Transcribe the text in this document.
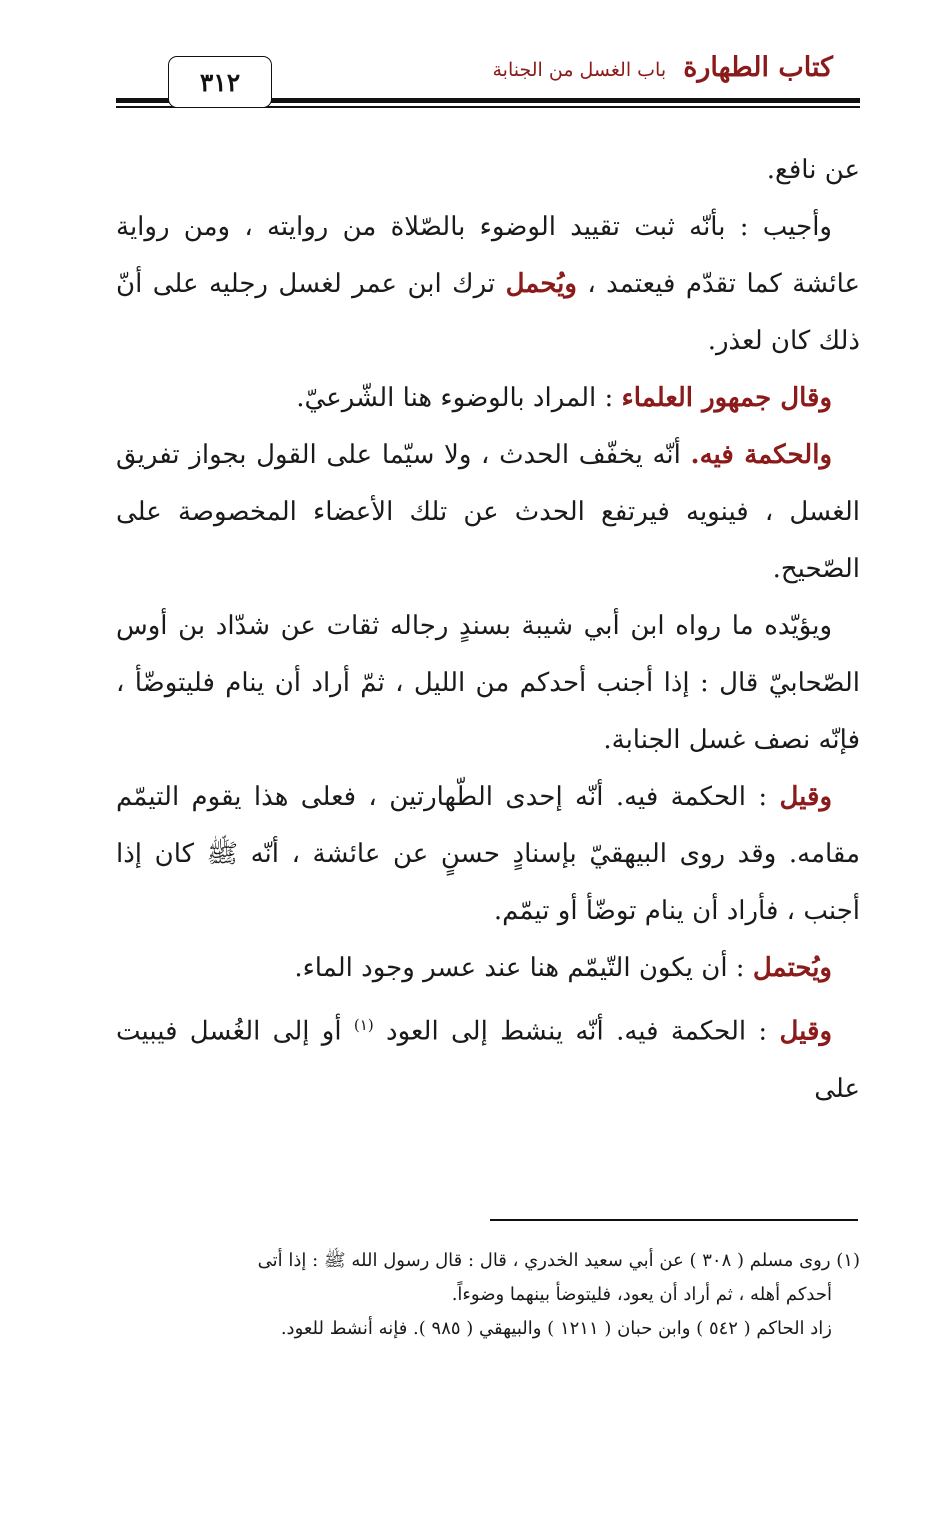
كتاب الطهارة باب الغسل من الجنابة
٣١٢

عن نافع.

وأجيب : بأنّه ثبت تقييد الوضوء بالصّلاة من روايته ، ومن رواية عائشة كما تقدّم فيعتمد ، ويُحمل ترك ابن عمر لغسل رجليه على أنّ ذلك كان لعذر.

وقال جمهور العلماء : المراد بالوضوء هنا الشّرعيّ.

والحكمة فيه. أنّه يخفّف الحدث ، ولا سيّما على القول بجواز تفريق الغسل ، فينويه فيرتفع الحدث عن تلك الأعضاء المخصوصة على الصّحيح.

ويؤيّده ما رواه ابن أبي شيبة بسندٍ رجاله ثقات عن شدّاد بن أوس الصّحابيّ قال : إذا أجنب أحدكم من الليل ، ثمّ أراد أن ينام فليتوضّأ ، فإنّه نصف غسل الجنابة.

وقيل : الحكمة فيه. أنّه إحدى الطّهارتين ، فعلى هذا يقوم التيمّم مقامه. وقد روى البيهقيّ بإسنادٍ حسنٍ عن عائشة ، أنّه ﷺ كان إذا أجنب ، فأراد أن ينام توضّأ أو تيمّم.

ويُحتمل : أن يكون التّيمّم هنا عند عسر وجود الماء.

وقيل : الحكمة فيه. أنّه ينشط إلى العود $^{(١)}$ أو إلى الغُسل فيبيت على

(١) روى مسلم ( ٣٠٨ ) عن أبي سعيد الخدري ، قال : قال رسول الله ﷺ : إذا أتى

أحدكم أهله ، ثم أراد أن يعود، فليتوضأ بينهما وضوءاً.

زاد الحاكم ( ٥٤٢ ) وابن حبان ( ١٢١١ ) والبيهقي ( ٩٨٥ ). فإنه أنشط للعود.
